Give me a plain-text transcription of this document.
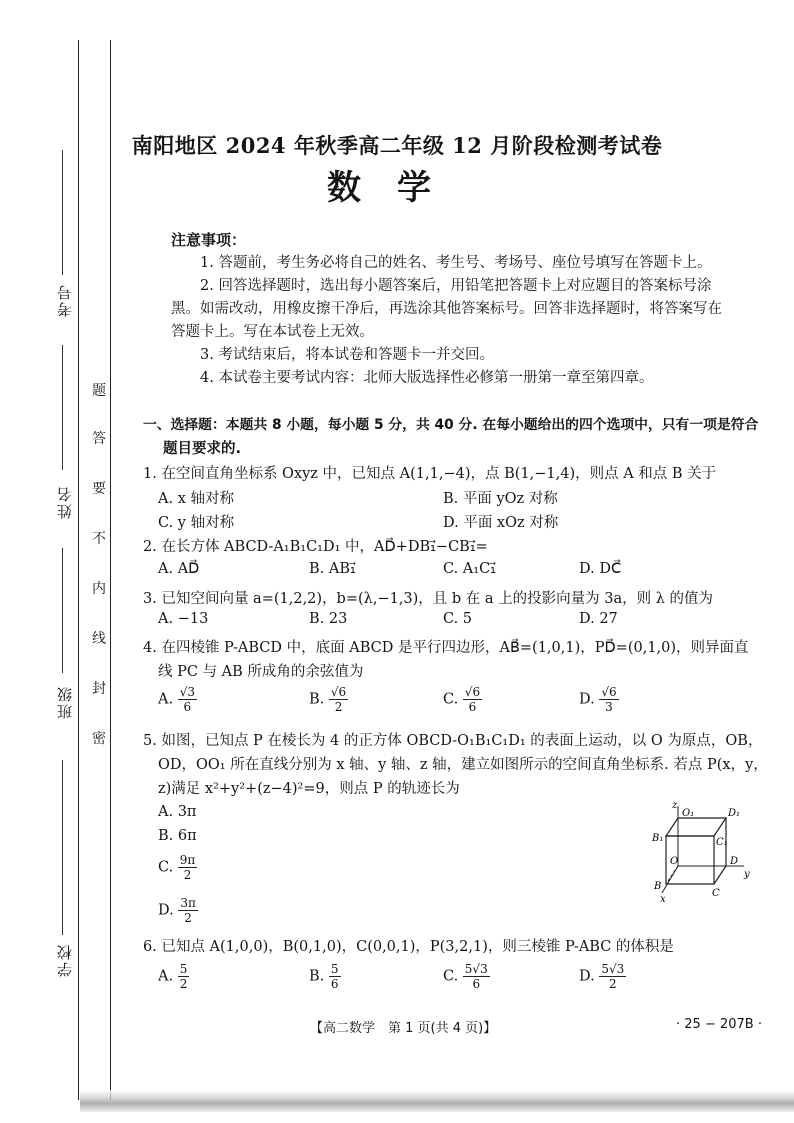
考号
姓名
班级
学校
题
答
要
不
内
线
封
密
南阳地区 2024 年秋季高二年级 12 月阶段检测考试卷
数学
注意事项：
1. 答题前，考生务必将自己的姓名、考生号、考场号、座位号填写在答题卡上。
2. 回答选择题时，选出每小题答案后，用铅笔把答题卡上对应题目的答案标号涂
黑。如需改动，用橡皮擦干净后，再选涂其他答案标号。回答非选择题时，将答案写在
答题卡上。写在本试卷上无效。
3. 考试结束后，将本试卷和答题卡一并交回。
4. 本试卷主要考试内容：北师大版选择性必修第一册第一章至第四章。
一、选择题：本题共 8 小题，每小题 5 分，共 40 分. 在每小题给出的四个选项中，只有一项是符合
题目要求的.
1. 在空间直角坐标系 Oxyz 中，已知点 A(1,1,−4)，点 B(1,−1,4)，则点 A 和点 B 关于
A. x 轴对称	B. 平面 yOz 对称
C. y 轴对称	D. 平面 xOz 对称
2. 在长方体 ABCD-A₁B₁C₁D₁ 中，AD⃗+DB₁⃗−CB₁⃗=
A. AD⃗	B. AB₁⃗	C. A₁C₁⃗	D. DC⃗
3. 已知空间向量 a=(1,2,2)，b=(λ,−1,3)，且 b 在 a 上的投影向量为 3a，则 λ 的值为
A. −13	B. 23	C. 5	D. 27
4. 在四棱锥 P-ABCD 中，底面 ABCD 是平行四边形，AB⃗=(1,0,1)，PD⃗=(0,1,0)，则异面直
线 PC 与 AB 所成角的余弦值为
A. $\frac{√3}{6}$	B. $\frac{√6}{2}$	C. $\frac{√6}{6}$	D. $\frac{√6}{3}$
5. 如图，已知点 P 在棱长为 4 的正方体 OBCD-O₁B₁C₁D₁ 的表面上运动，以 O 为原点，OB，
OD，OO₁ 所在直线分别为 x 轴、y 轴、z 轴，建立如图所示的空间直角坐标系. 若点 P(x，y，
z)满足 x²+y²+(z−4)²=9，则点 P 的轨迹长为
A. 3π
B. 6π
C. $\frac{9\pi}{2}$
D. $\frac{3\pi}{2}$
z
O₁	D₁
B₁	C₁
O	D
y
B
C
x
6. 已知点 A(1,0,0)，B(0,1,0)，C(0,0,1)，P(3,2,1)，则三棱锥 P-ABC 的体积是
A. $\frac{5}{2}$	B. $\frac{5}{6}$	C. $\frac{5√3}{6}$	D. $\frac{5√3}{2}$
【高二数学　第 1 页(共 4 页)】	· 25 − 207B ·
